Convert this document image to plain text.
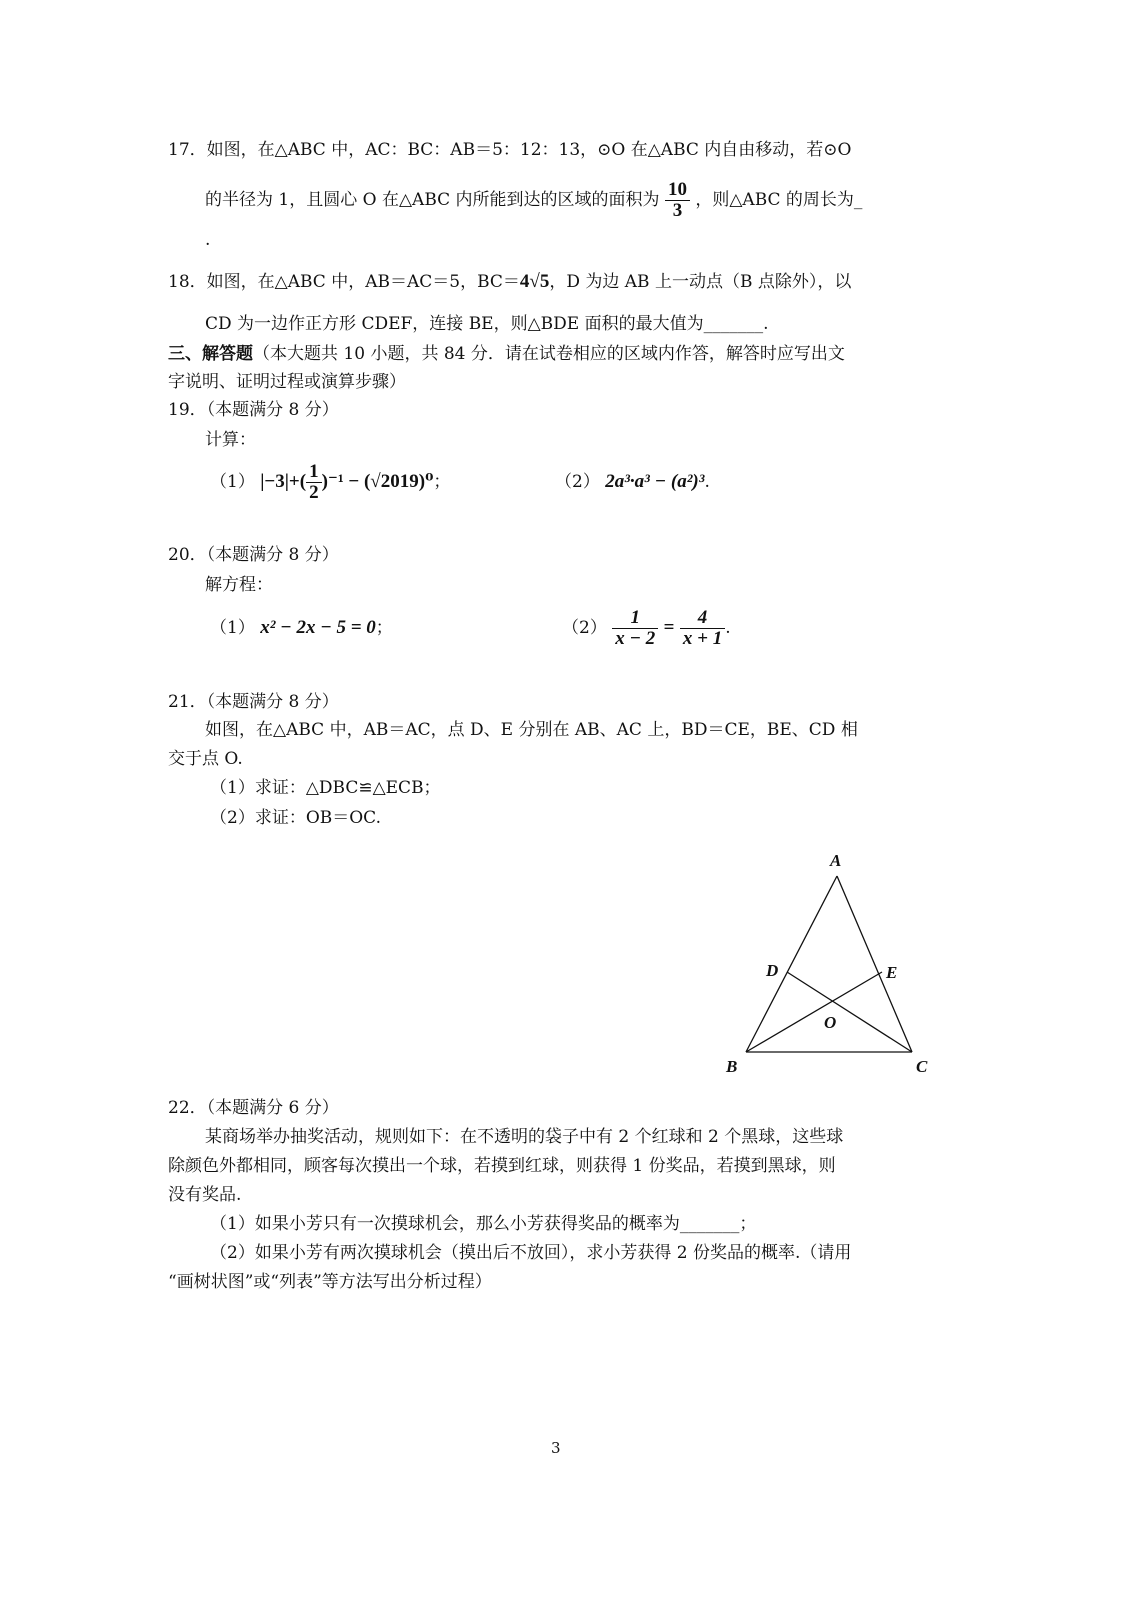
17．如图，在△ABC 中，AC：BC：AB＝5：12：13，⊙O 在△ABC 内自由移动，若⊙O
的半径为 1，且圆心 O 在△ABC 内所能到达的区域的面积为 $\frac{10}{3}$ ，则△ABC 的周长为_
.
18．如图，在△ABC 中，AB＝AC＝5，BC＝4√5，D 为边 AB 上一动点（B 点除外），以
CD 为一边作正方形 CDEF，连接 BE，则△BDE 面积的最大值为_______.
三、解答题（本大题共 10 小题，共 84 分．请在试卷相应的区域内作答，解答时应写出文
字说明、证明过程或演算步骤）
19．（本题满分 8 分）
计算：
（1） $|-3|+( \frac{1}{2} )^{-1} - (√2019)^0$；	（2） 2a³·a³ − (a²)³.
20．（本题满分 8 分）
解方程：
（1） x² − 2x − 5 = 0；	$(2) \frac{1}{x - 2} = \frac{4}{x + 1}$ .
21．（本题满分 8 分）
如图，在△ABC 中，AB＝AC，点 D、E 分别在 AB、AC 上，BD＝CE，BE、CD 相
交于点 O.
（1）求证：△DBC≌△ECB；
（2）求证：OB＝OC.
A
B	C
D	E
O
22．（本题满分 6 分）
某商场举办抽奖活动，规则如下：在不透明的袋子中有 2 个红球和 2 个黑球，这些球
除颜色外都相同，顾客每次摸出一个球，若摸到红球，则获得 1 份奖品，若摸到黑球，则
没有奖品.
（1）如果小芳只有一次摸球机会，那么小芳获得奖品的概率为_______；
（2）如果小芳有两次摸球机会（摸出后不放回），求小芳获得 2 份奖品的概率.（请用
“画树状图”或“列表”等方法写出分析过程）
3
